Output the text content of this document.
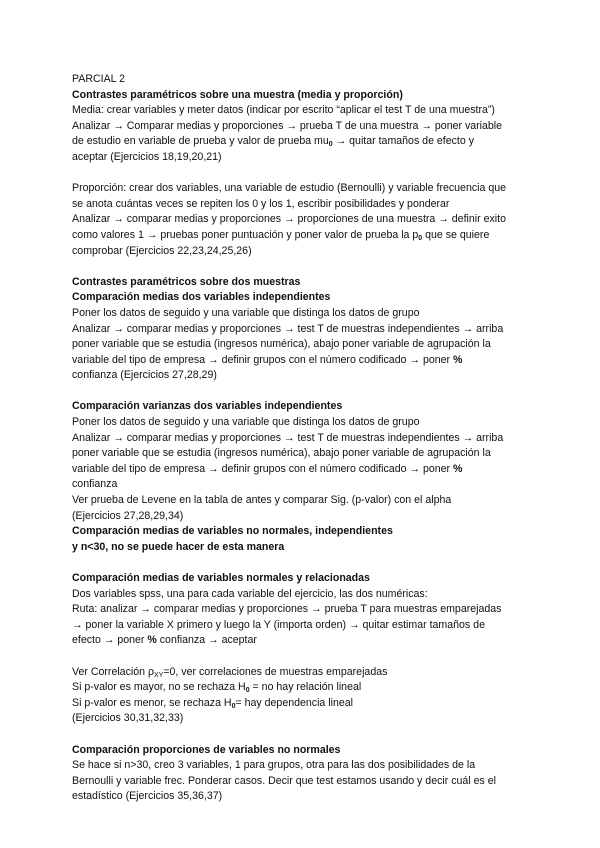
PARCIAL 2
Contrastes paramétricos sobre una muestra (media y proporción)
Media: crear variables y meter datos (indicar por escrito “aplicar el test T de una muestra”)
Analizar → Comparar medias y proporciones → prueba T de una muestra → poner variable
de estudio en variable de prueba y valor de prueba $mu_0$ → quitar tamaños de efecto y
aceptar (Ejercicios 18,19,20,21)
Proporción: crear dos variables, una variable de estudio (Bernoulli) y variable frecuencia que
se anota cuántas veces se repiten los 0 y los 1, escribir posibilidades y ponderar
Analizar → comparar medias y proporciones → proporciones de una muestra → definir exito
como valores 1 → pruebas poner puntuación y poner valor de prueba la $p_0$ que se quiere
comprobar (Ejercicios 22,23,24,25,26)
Contrastes paramétricos sobre dos muestras
Comparación medias dos variables independientes
Poner los datos de seguido y una variable que distinga los datos de grupo
Analizar → comparar medias y proporciones → test T de muestras independientes → arriba
poner variable que se estudia (ingresos numérica), abajo poner variable de agrupación la
variable del tipo de empresa → definir grupos con el número codificado → poner %
confianza (Ejercicios 27,28,29)
Comparación varianzas dos variables independientes
Poner los datos de seguido y una variable que distinga los datos de grupo
Analizar → comparar medias y proporciones → test T de muestras independientes → arriba
poner variable que se estudia (ingresos numérica), abajo poner variable de agrupación la
variable del tipo de empresa → definir grupos con el número codificado → poner %
confianza
Ver prueba de Levene en la tabla de antes y comparar Sig. (p-valor) con el alpha
(Ejercicios 27,28,29,34)
Comparación medias de variables no normales, independientes
y n<30, no se puede hacer de esta manera
Comparación medias de variables normales y relacionadas
Dos variables spss, una para cada variable del ejercicio, las dos numéricas:
Ruta: analizar → comparar medias y proporciones → prueba T para muestras emparejadas
→ poner la variable X primero y luego la Y (importa orden) → quitar estimar tamaños de
efecto → poner % confianza → aceptar
Ver Correlación $\rho_{XY}=0$, ver correlaciones de muestras emparejadas
Si p-valor es mayor, no se rechaza $H_0$ = no hay relación lineal
Si p-valor es menor, se rechaza $H_0=$ hay dependencia lineal
(Ejercicios 30,31,32,33)
Comparación proporciones de variables no normales
Se hace si n>30, creo 3 variables, 1 para grupos, otra para las dos posibilidades de la
Bernoulli y variable frec. Ponderar casos. Decir que test estamos usando y decir cuál es el
estadístico (Ejercicios 35,36,37)
